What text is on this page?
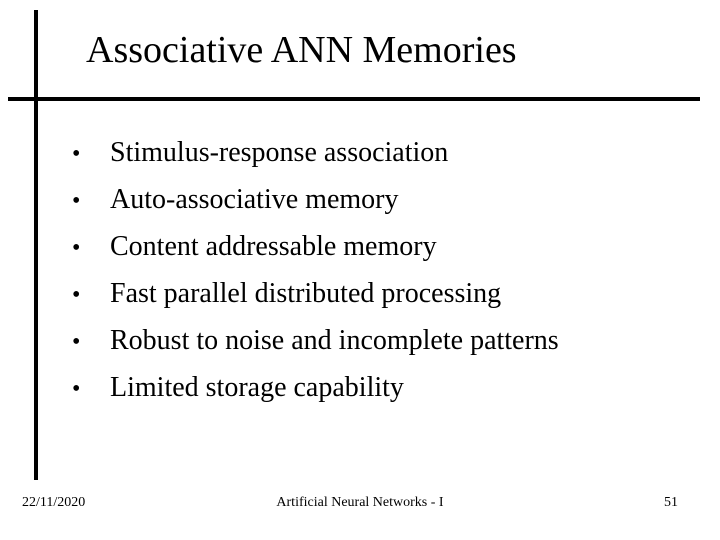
Associative ANN Memories
•	Stimulus-response association
•	Auto-associative memory
•	Content addressable memory
•	Fast parallel distributed processing
•	Robust to noise and incomplete patterns
•	Limited storage capability
22/11/2020	Artificial Neural Networks - I	51
